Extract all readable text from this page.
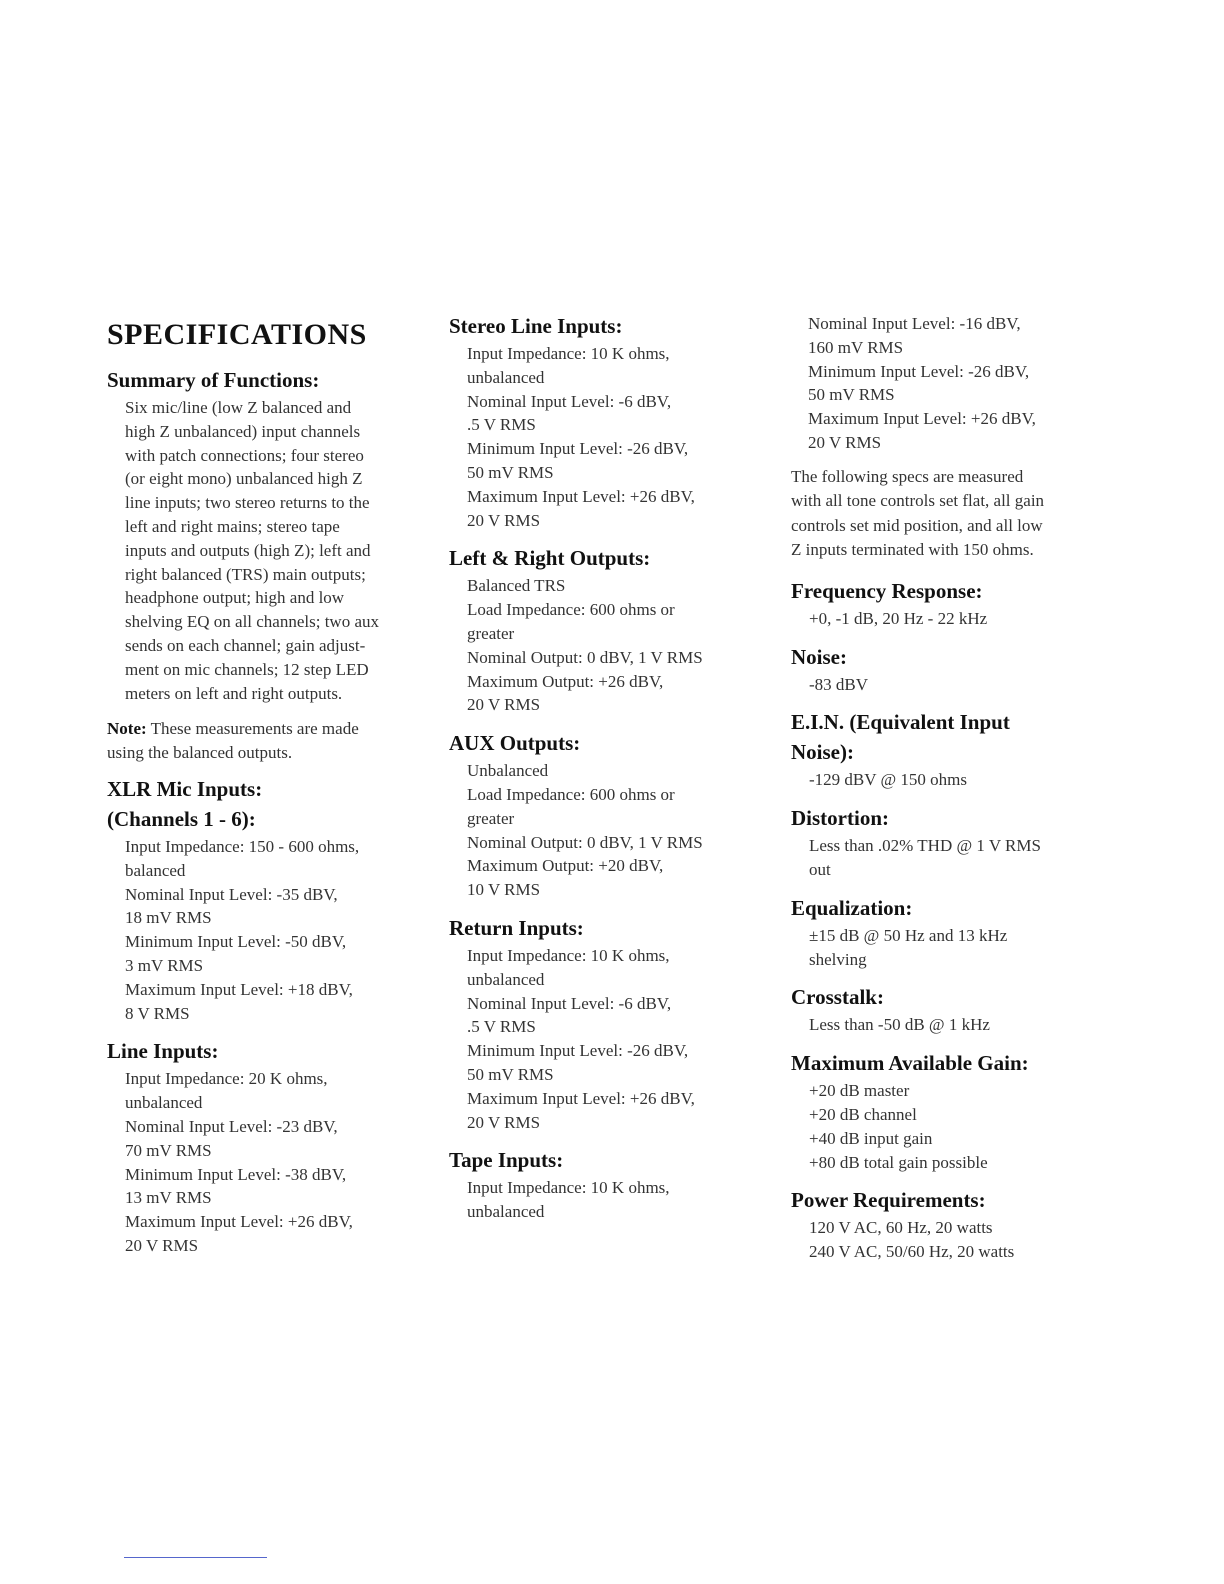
SPECIFICATIONS
Summary of Functions:
Six mic/line (low Z balanced and
high Z unbalanced) input channels
with patch connections; four stereo
(or eight mono) unbalanced high Z
line inputs; two stereo returns to the
left and right mains; stereo tape
inputs and outputs (high Z); left and
right balanced (TRS) main outputs;
headphone output; high and low
shelving EQ on all channels; two aux
sends on each channel; gain adjust-
ment on mic channels; 12 step LED
meters on left and right outputs.
Note: These measurements are made
using the balanced outputs.
XLR Mic Inputs:
(Channels 1 - 6):
Input Impedance: 150 - 600 ohms,
balanced
Nominal Input Level: -35 dBV,
18 mV RMS
Minimum Input Level: -50 dBV,
3 mV RMS
Maximum Input Level: +18 dBV,
8 V RMS
Line Inputs:
Input Impedance: 20 K ohms,
unbalanced
Nominal Input Level: -23 dBV,
70 mV RMS
Minimum Input Level: -38 dBV,
13 mV RMS
Maximum Input Level: +26 dBV,
20 V RMS
Stereo Line Inputs:
Input Impedance: 10 K ohms,
unbalanced
Nominal Input Level: -6 dBV,
.5 V RMS
Minimum Input Level: -26 dBV,
50 mV RMS
Maximum Input Level: +26 dBV,
20 V RMS
Left & Right Outputs:
Balanced TRS
Load Impedance: 600 ohms or
greater
Nominal Output: 0 dBV, 1 V RMS
Maximum Output: +26 dBV,
20 V RMS
AUX Outputs:
Unbalanced
Load Impedance: 600 ohms or
greater
Nominal Output: 0 dBV, 1 V RMS
Maximum Output: +20 dBV,
10 V RMS
Return Inputs:
Input Impedance: 10 K ohms,
unbalanced
Nominal Input Level: -6 dBV,
.5 V RMS
Minimum Input Level: -26 dBV,
50 mV RMS
Maximum Input Level: +26 dBV,
20 V RMS
Tape Inputs:
Input Impedance: 10 K ohms,
unbalanced
Nominal Input Level: -16 dBV,
160 mV RMS
Minimum Input Level: -26 dBV,
50 mV RMS
Maximum Input Level: +26 dBV,
20 V RMS
The following specs are measured
with all tone controls set flat, all gain
controls set mid position, and all low
Z inputs terminated with 150 ohms.
Frequency Response:
+0, -1 dB, 20 Hz - 22 kHz
Noise:
-83 dBV
E.I.N. (Equivalent Input
Noise):
-129 dBV @ 150 ohms
Distortion:
Less than .02% THD @ 1 V RMS
out
Equalization:
±15 dB @ 50 Hz and 13 kHz
shelving
Crosstalk:
Less than -50 dB @ 1 kHz
Maximum Available Gain:
+20 dB master
+20 dB channel
+40 dB input gain
+80 dB total gain possible
Power Requirements:
120 V AC, 60 Hz, 20 watts
240 V AC, 50/60 Hz, 20 watts
